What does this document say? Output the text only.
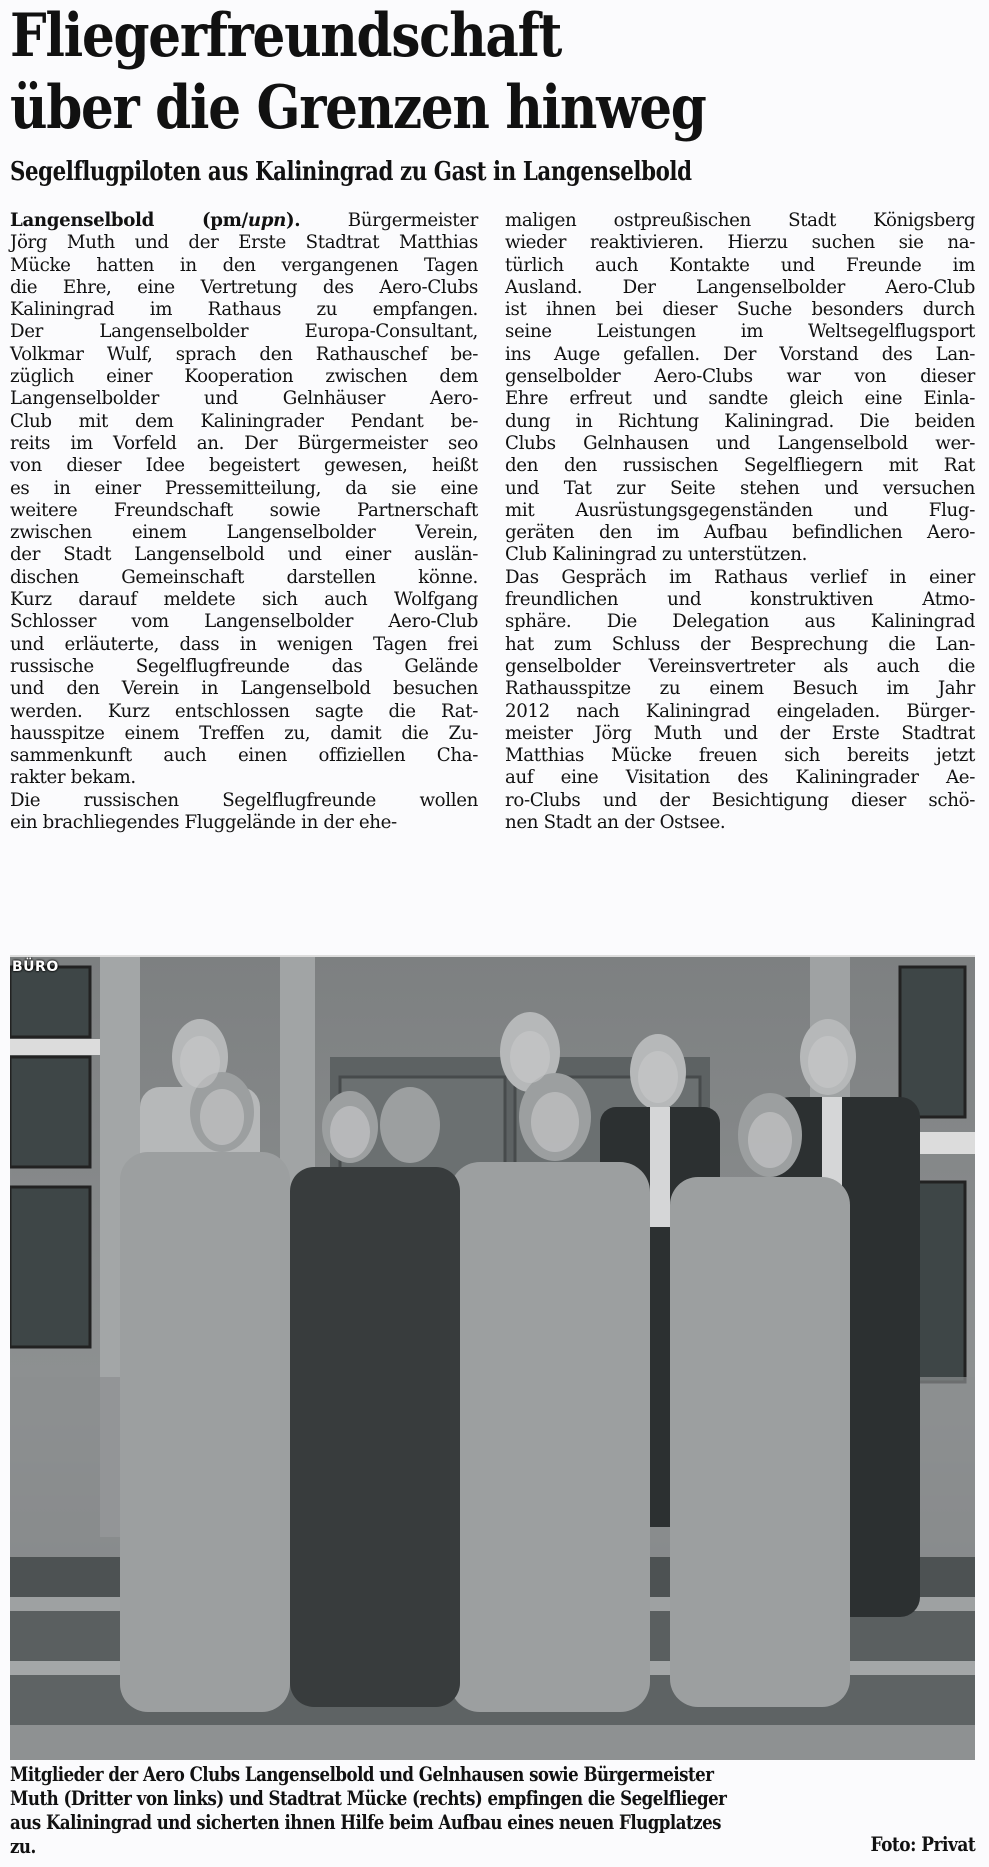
Fliegerfreundschaft
über die Grenzen hinweg
Segelflugpiloten aus Kaliningrad zu Gast in Langenselbold
Langenselbold (pm/upn). Bürgermeister
Jörg Muth und der Erste Stadtrat Matthias
Mücke hatten in den vergangenen Tagen
die Ehre, eine Vertretung des Aero-Clubs
Kaliningrad im Rathaus zu empfangen.
Der Langenselbolder Europa-Consultant,
Volkmar Wulf, sprach den Rathauschef be-
züglich einer Kooperation zwischen dem
Langenselbolder und Gelnhäuser Aero-
Club mit dem Kaliningrader Pendant be-
reits im Vorfeld an. Der Bürgermeister seo
von dieser Idee begeistert gewesen, heißt
es in einer Pressemitteilung, da sie eine
weitere Freundschaft sowie Partnerschaft
zwischen einem Langenselbolder Verein,
der Stadt Langenselbold und einer auslän-
dischen Gemeinschaft darstellen könne.
Kurz darauf meldete sich auch Wolfgang
Schlosser vom Langenselbolder Aero-Club
und erläuterte, dass in wenigen Tagen frei
russische Segelflugfreunde das Gelände
und den Verein in Langenselbold besuchen
werden. Kurz entschlossen sagte die Rat-
hausspitze einem Treffen zu, damit die Zu-
sammenkunft auch einen offiziellen Cha-
rakter bekam.
Die russischen Segelflugfreunde wollen
ein brachliegendes Fluggelände in der ehe-
maligen ostpreußischen Stadt Königsberg
wieder reaktivieren. Hierzu suchen sie na-
türlich auch Kontakte und Freunde im
Ausland. Der Langenselbolder Aero-Club
ist ihnen bei dieser Suche besonders durch
seine Leistungen im Weltsegelflugsport
ins Auge gefallen. Der Vorstand des Lan-
genselbolder Aero-Clubs war von dieser
Ehre erfreut und sandte gleich eine Einla-
dung in Richtung Kaliningrad. Die beiden
Clubs Gelnhausen und Langenselbold wer-
den den russischen Segelfliegern mit Rat
und Tat zur Seite stehen und versuchen
mit Ausrüstungsgegenständen und Flug-
geräten den im Aufbau befindlichen Aero-
Club Kaliningrad zu unterstützen.
Das Gespräch im Rathaus verlief in einer
freundlichen und konstruktiven Atmo-
sphäre. Die Delegation aus Kaliningrad
hat zum Schluss der Besprechung die Lan-
genselbolder Vereinsvertreter als auch die
Rathausspitze zu einem Besuch im Jahr
2012 nach Kaliningrad eingeladen. Bürger-
meister Jörg Muth und der Erste Stadtrat
Matthias Mücke freuen sich bereits jetzt
auf eine Visitation des Kaliningrader Ae-
ro-Clubs und der Besichtigung dieser schö-
nen Stadt an der Ostsee.
BÜRO
Mitglieder der Aero Clubs Langenselbold und Gelnhausen sowie Bürgermeister
Muth (Dritter von links) und Stadtrat Mücke (rechts) empfingen die Segelflieger
aus Kaliningrad und sicherten ihnen Hilfe beim Aufbau eines neuen Flugplatzes
zu.	Foto: Privat
